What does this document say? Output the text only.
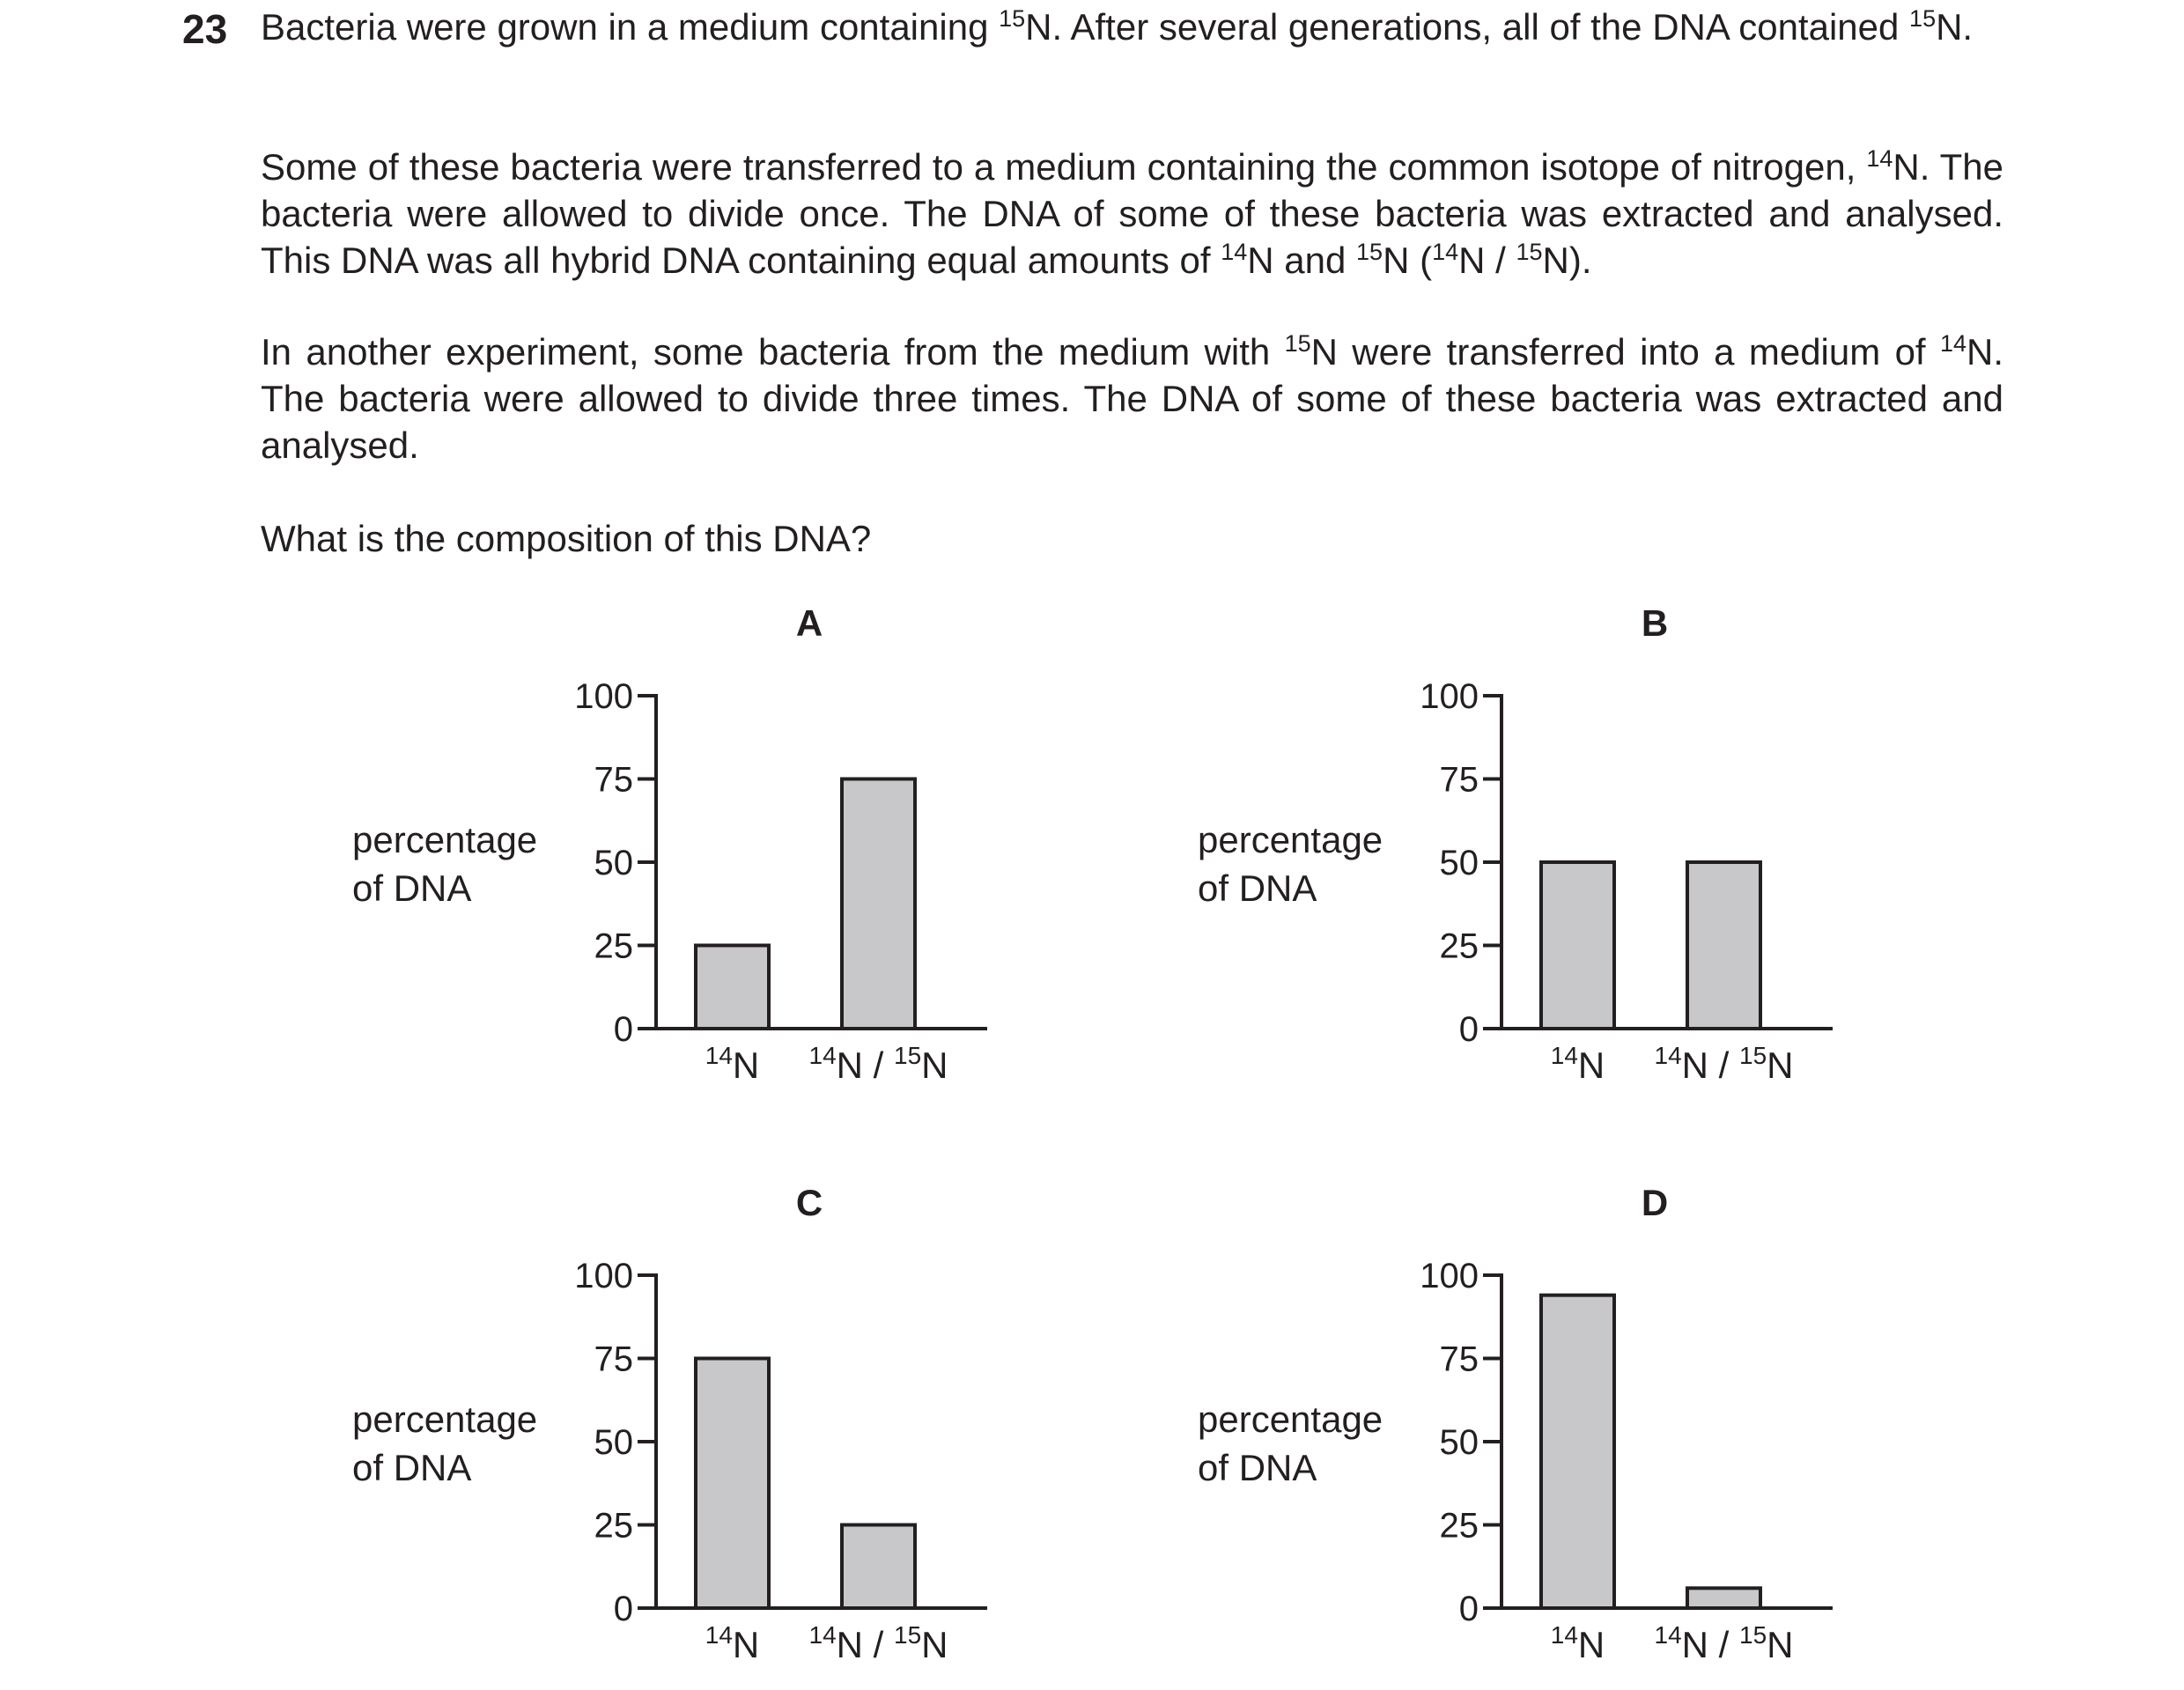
23 Bacteria were grown in a medium containing $^{15}$N. After several generations, all of the DNA contained $^{15}$N.
Some of these bacteria were transferred to a medium containing the common isotope of nitrogen, $^{14}$N. The bacteria were allowed to divide once. The DNA of some of these bacteria was extracted and analysed. This DNA was all hybrid DNA containing equal amounts of $^{14}$N and $^{15}$N ($^{14}$N / $^{15}$N).
In another experiment, some bacteria from the medium with $^{15}$N were transferred into a medium of $^{14}$N. The bacteria were allowed to divide three times. The DNA of some of these bacteria was extracted and analysed.
What is the composition of this DNA?
A
percentage
of DNA
100
75
50
25
0
$^{14}$N $^{14}$N / $^{15}$N
B
percentage
of DNA
100
75
50
25
0
$^{14}$N $^{14}$N / $^{15}$N
C
percentage
of DNA
100
75
50
25
0
$^{14}$N $^{14}$N / $^{15}$N
D
percentage
of DNA
100
75
50
25
0
$^{14}$N $^{14}$N / $^{15}$N
